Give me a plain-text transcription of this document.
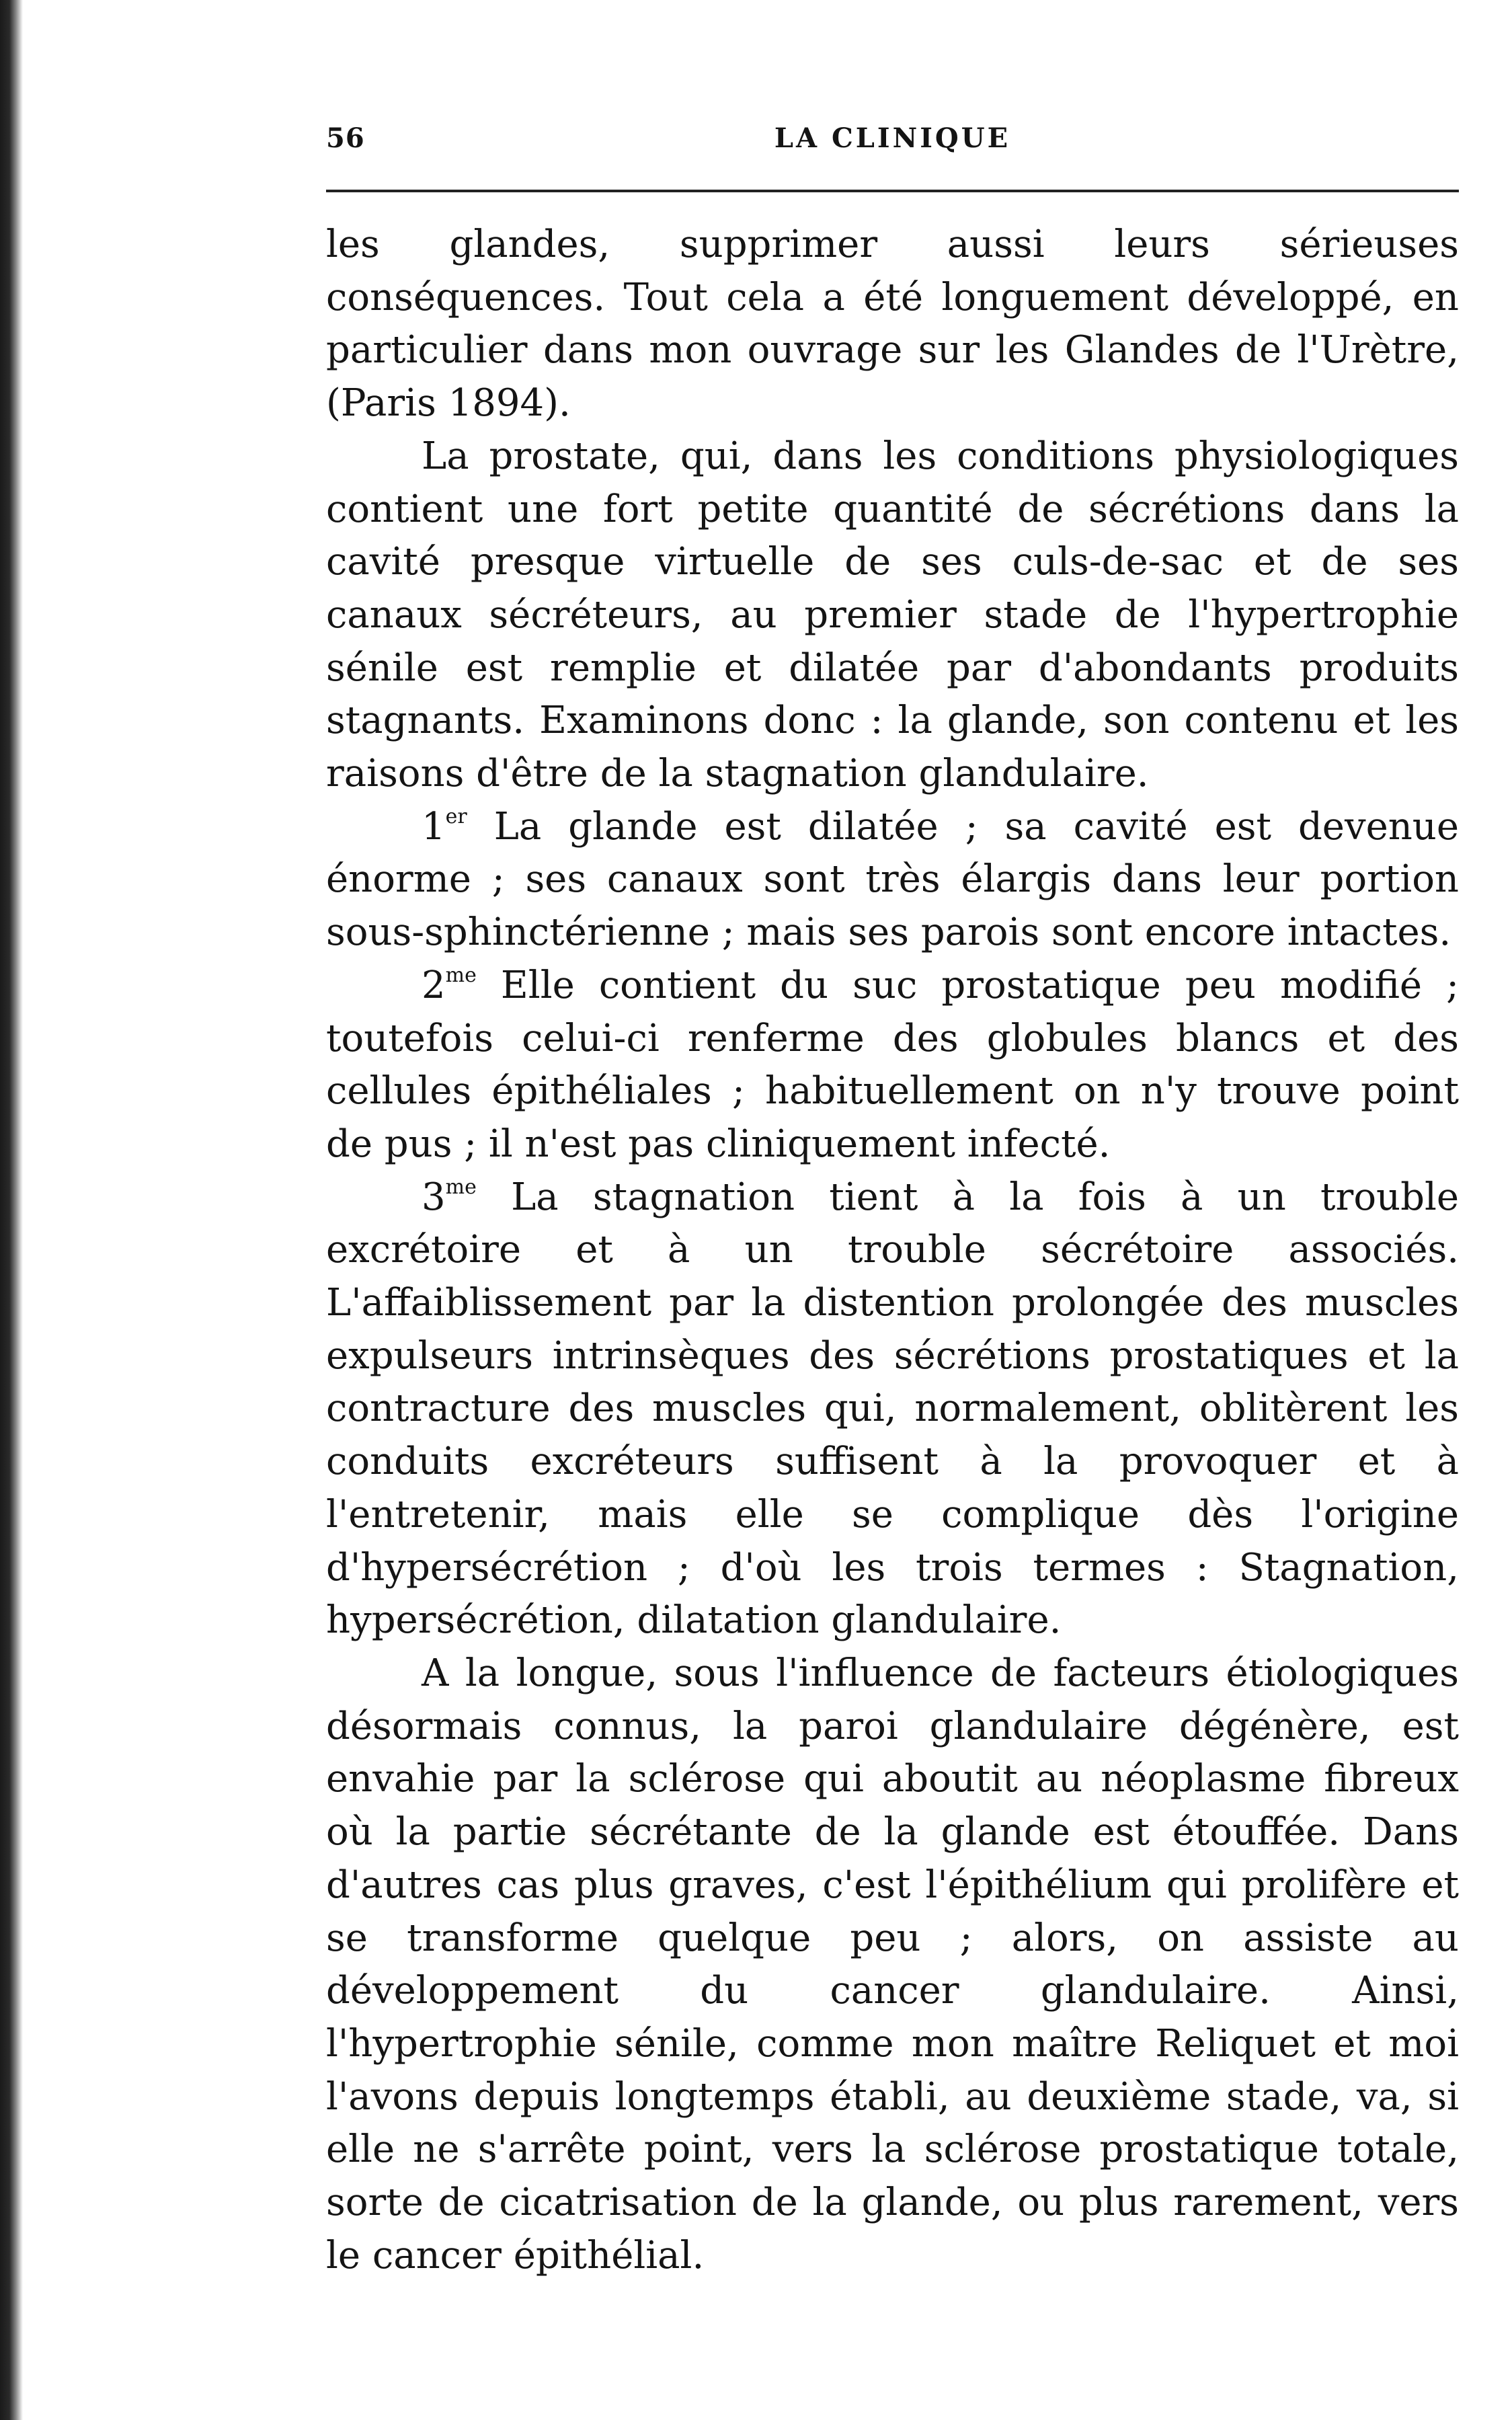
56	LA CLINIQUE

les glandes, supprimer aussi leurs sérieuses conséquences. Tout cela a été longuement développé, en particulier dans mon ouvrage sur les Glandes de l'Urètre, (Paris 1894).

La prostate, qui, dans les conditions physiologiques contient une fort petite quantité de sécrétions dans la cavité presque virtuelle de ses culs-de-sac et de ses canaux sécréteurs, au premier stade de l'hypertrophie sénile est remplie et dilatée par d'abondants produits stagnants. Examinons donc : la glande, son contenu et les raisons d'être de la stagnation glandulaire.

1er La glande est dilatée ; sa cavité est devenue énorme ; ses canaux sont très élargis dans leur portion sous-sphinctérienne ; mais ses parois sont encore intactes.

$2^{me}$ Elle contient du suc prostatique peu modifié ; toutefois celui-ci renferme des globules blancs et des cellules épithéliales ; habituellement on n'y trouve point de pus ; il n'est pas cliniquement infecté.

$3^{me}$ La stagnation tient à la fois à un trouble excrétoire et à un trouble sécrétoire associés. L'affaiblissement par la distention prolongée des muscles expulseurs intrinsèques des sécrétions prostatiques et la contracture des muscles qui, normalement, oblitèrent les conduits excréteurs suffisent à la provoquer et à l'entretenir, mais elle se complique dès l'origine d'hypersécrétion ; d'où les trois termes : Stagnation, hypersécrétion, dilatation glandulaire.

A la longue, sous l'influence de facteurs étiologiques désormais connus, la paroi glandulaire dégénère, est envahie par la sclérose qui aboutit au néoplasme fibreux où la partie sécrétante de la glande est étouffée. Dans d'autres cas plus graves, c'est l'épithélium qui prolifère et se transforme quelque peu ; alors, on assiste au développement du cancer glandulaire. Ainsi, l'hypertrophie sénile, comme mon maître Reliquet et moi l'avons depuis longtemps établi, au deuxième stade, va, si elle ne s'arrête point, vers la sclérose prostatique totale, sorte de cicatrisation de la glande, ou plus rarement, vers le cancer épithélial.
